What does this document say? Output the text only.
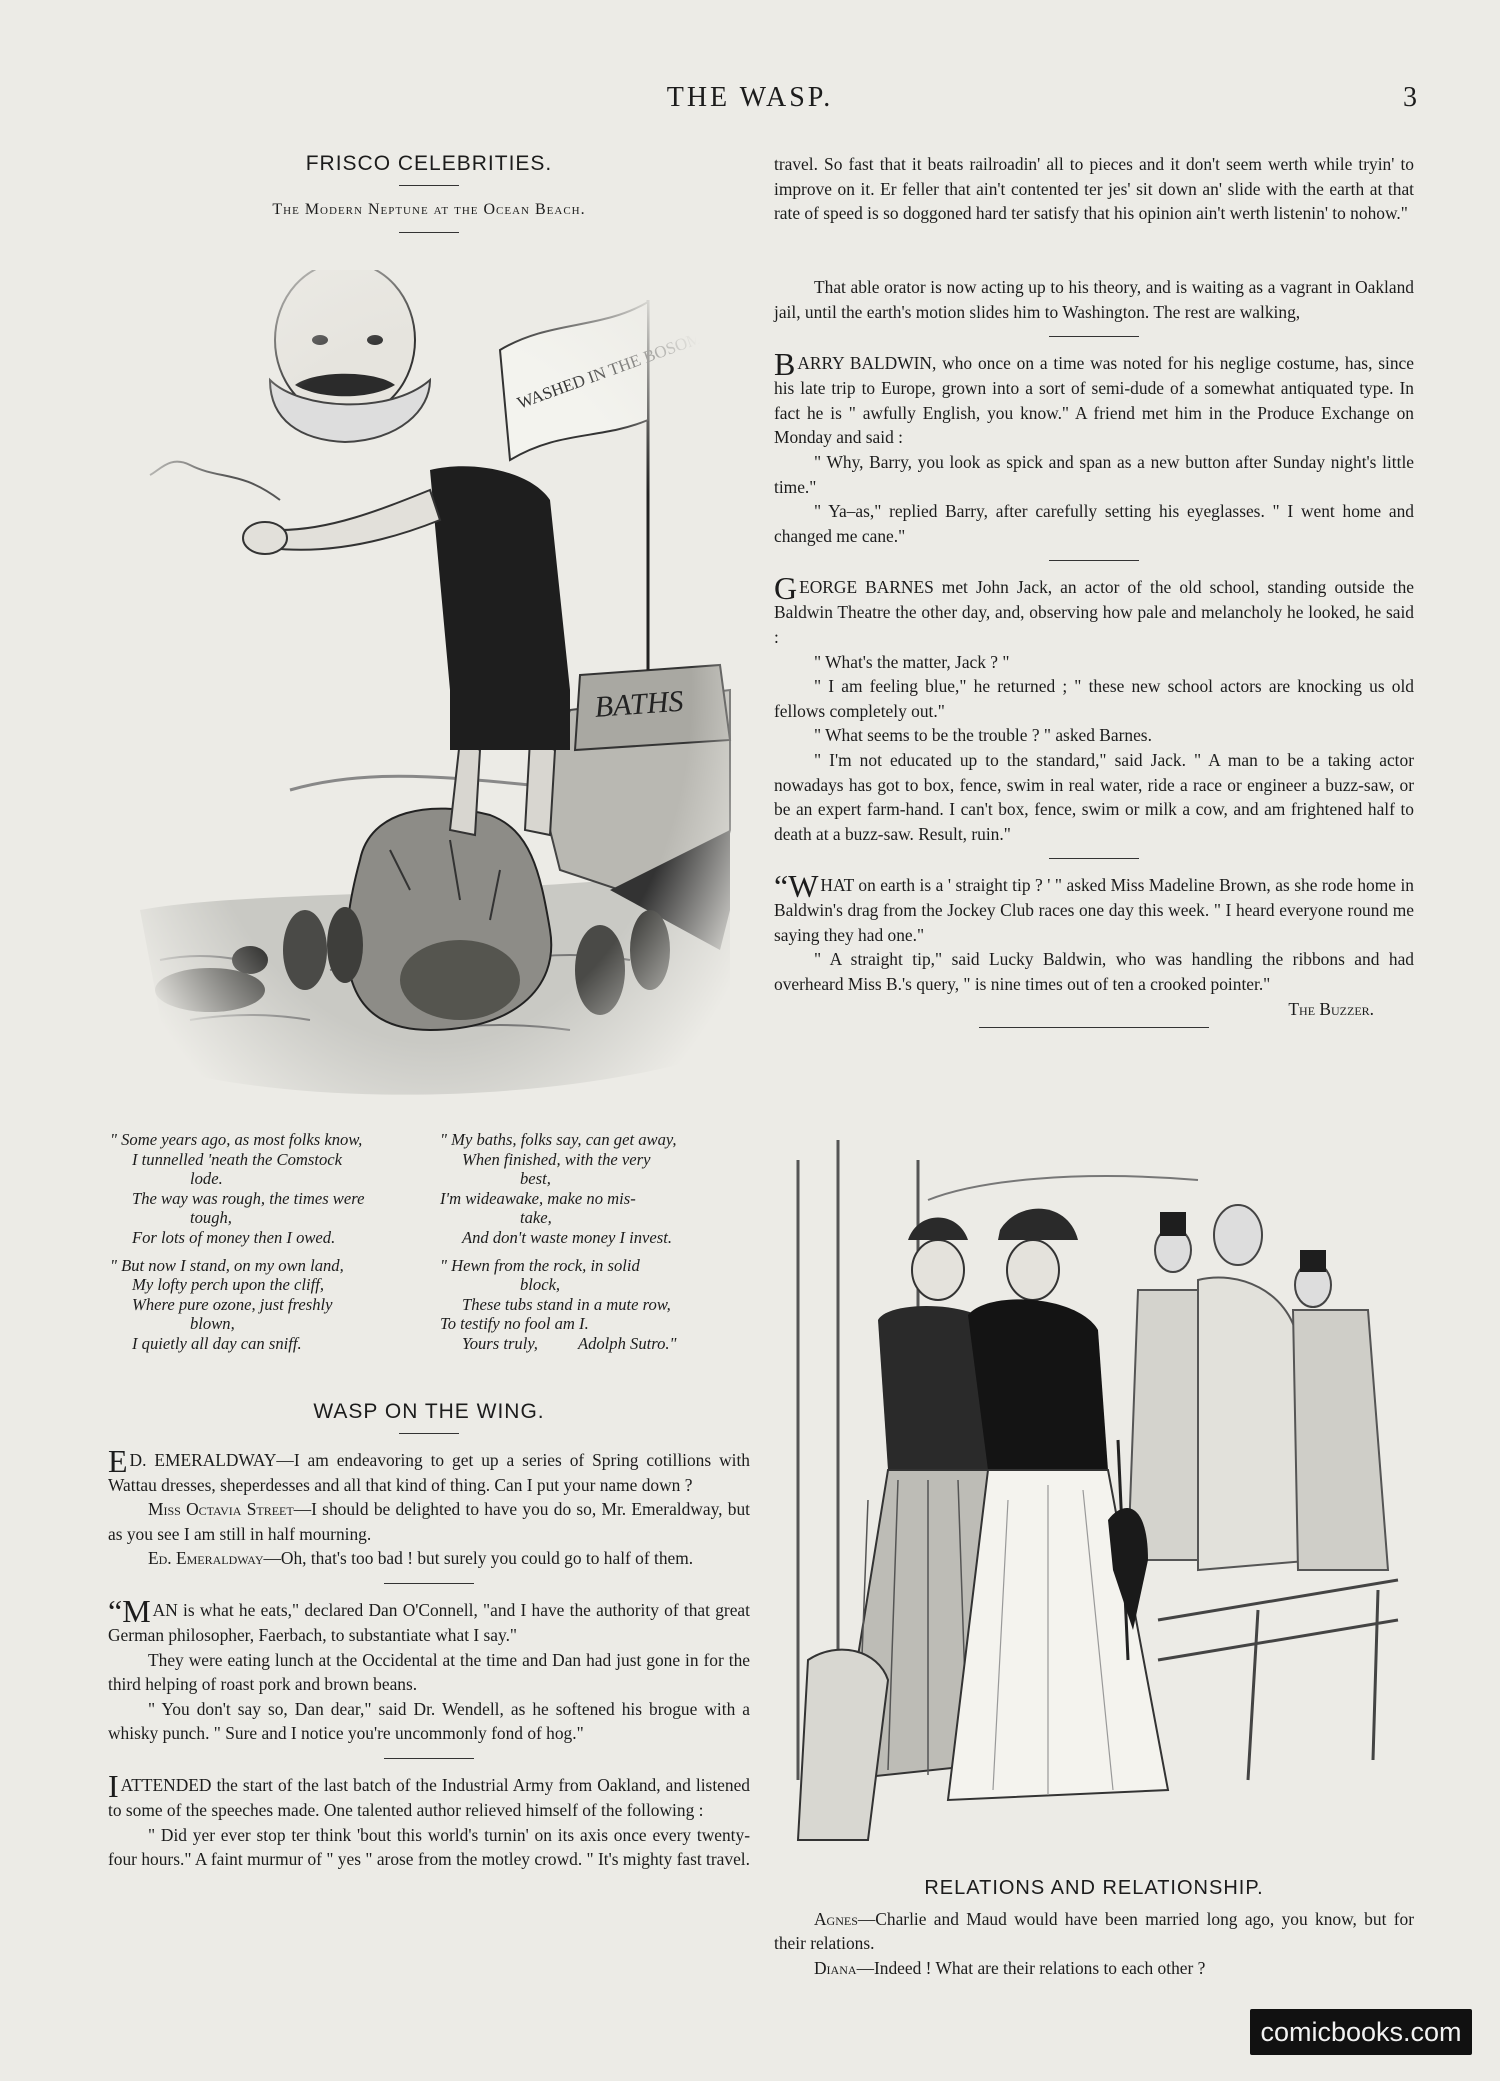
THE WASP.	3
FRISCO CELEBRITIES.
The Modern Neptune at the Ocean Beach.
" Some years ago, as most folks know,
I tunnelled 'neath the Comstock
lode.
The way was rough, the times were
tough,
For lots of money then I owed.
" But now I stand, on my own land,
My lofty perch upon the cliff,
Where pure ozone, just freshly
blown,
I quietly all day can sniff.
" My baths, folks say, can get away,
When finished, with the very
best,
I'm wideawake, make no mis-
take,
And don't waste money I invest.
" Hewn from the rock, in solid
block,
These tubs stand in a mute row,
To testify no fool am I.
Yours truly, Adolph Sutro."
WASP ON THE WING.

E D. EMERALDWAY—I am endeavoring to get up a series of Spring cotillions with Wattau dresses, sheperdesses and all that kind of thing. Can I put your name down ?

Miss Octavia Street—I should be delighted to have you do so, Mr. Emeraldway, but as you see I am still in half mourning.

Ed. Emeraldway—Oh, that's too bad ! but surely you could go to half of them.

“MAN is what he eats," declared Dan O'Connell, "and I have the authority of that great German philosopher, Faerbach, to substantiate what I say."

They were eating lunch at the Occidental at the time and Dan had just gone in for the third helping of roast pork and brown beans.

" You don't say so, Dan dear," said Dr. Wendell, as he softened his brogue with a whisky punch. " Sure and I notice you're uncommonly fond of hog."

IATTENDED the start of the last batch of the Industrial Army from Oakland, and listened to some of the speeches made. One talented author relieved himself of the following :

" Did yer ever stop ter think 'bout this world's turnin' on its axis once every twenty-four hours." A faint murmur of " yes " arose from the motley crowd. " It's mighty fast travel.

travel. So fast that it beats railroadin' all to pieces and it don't seem werth while tryin' to improve on it. Er feller that ain't contented ter jes' sit down an' slide with the earth at that rate of speed is so doggoned hard ter satisfy that his opinion ain't werth listenin' to nohow."

That able orator is now acting up to his theory, and is waiting as a vagrant in Oakland jail, until the earth's motion slides him to Washington. The rest are walking,

BARRY BALDWIN, who once on a time was noted for his neglige costume, has, since his late trip to Europe, grown into a sort of semi-dude of a somewhat antiquated type. In fact he is " awfully English, you know." A friend met him in the Produce Exchange on Monday and said :

" Why, Barry, you look as spick and span as a new button after Sunday night's little time."

" Ya–as," replied Barry, after carefully setting his eyeglasses. " I went home and changed me cane."

GEORGE BARNES met John Jack, an actor of the old school, standing outside the Baldwin Theatre the other day, and, observing how pale and melancholy he looked, he said :

" What's the matter, Jack ? "

" I am feeling blue," he returned ; " these new school actors are knocking us old fellows completely out."

" What seems to be the trouble ? " asked Barnes.

" I'm not educated up to the standard," said Jack. " A man to be a taking actor nowadays has got to box, fence, swim in real water, ride a race or engineer a buzz-saw, or be an expert farm-hand. I can't box, fence, swim or milk a cow, and am frightened half to death at a buzz-saw. Result, ruin."

“WHAT on earth is a ' straight tip ? ' " asked Miss Madeline Brown, as she rode home in Baldwin's drag from the Jockey Club races one day this week. " I heard everyone round me saying they had one."

" A straight tip," said Lucky Baldwin, who was handling the ribbons and had overheard Miss B.'s query, " is nine times out of ten a crooked pointer."

The Buzzer.
RELATIONS AND RELATIONSHIP.

Agnes—Charlie and Maud would have been married long ago, you know, but for their relations.

Diana—Indeed ! What are their relations to each other ?

comicbooks.com
